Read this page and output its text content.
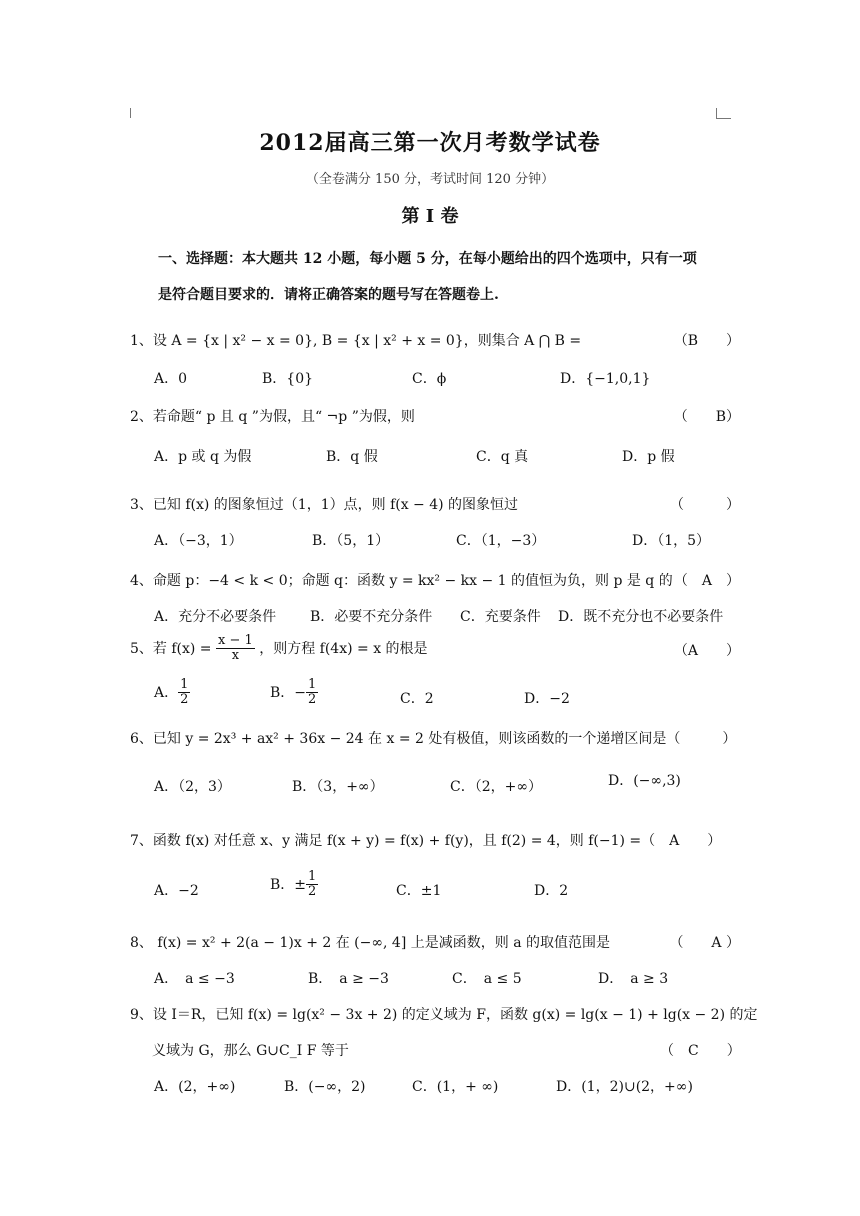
2012届高三第一次月考数学试卷
（全卷满分 150 分，考试时间 120 分钟）
第 I 卷
一、选择题：本大题共 12 小题，每小题 5 分，在每小题给出的四个选项中，只有一项
是符合题目要求的．请将正确答案的题号写在答题卷上.
1、设 A = {x | x² − x = 0}, B = {x | x² + x = 0}，则集合 A ⋂ B =	（B　　）
A．0	B．{0}	C．ϕ	D．{−1,0,1}
2、若命题“ p 且 q ”为假，且“ ¬p ”为假，则	（　　B）
A．p 或 q 为假	B．q 假	C．q 真	D．p 假
3、已知 f(x) 的图象恒过（1，1）点，则 f(x − 4) 的图象恒过	（　　　）
A．（−3，1）	B．（5，1）	C．（1，−3）	D．（1，5）
4、命题 p：−4 < k < 0；命题 q：函数 y = kx² − kx − 1 的值恒为负，则 p 是 q 的 （　A　）
A．充分不必要条件 B．必要不充分条件 C．充要条件 D．既不充分也不必要条件
5、若 $f(x) = \frac{x - 1}{x}$ ，则方程 f(4x) = x 的根是	（A　　）
A． $\frac{1}{2}$	B．− $\frac{1}{2}$	C．2	D．−2
6、已知 y = 2x³ + ax² + 36x − 24 在 x = 2 处有极值，则该函数的一个递增区间是（　　　）
A．（2，3）	B．（3，+∞）	C．（2，+∞）	D．(−∞,3)
7、函数 f(x) 对任意 x、y 满足 f(x + y) = f(x) + f(y)，且 f(2) = 4，则 f(−1) =（　A　　）
A．−2	B．± $\frac{1}{2}$	C．±1	D．2
8、 f(x) = x² + 2(a − 1)x + 2 在 (−∞, 4] 上是减函数，则 a 的取值范围是	（　　A ）
A．　a ≤ −3	B．　a ≥ −3	C．　a ≤ 5	D．　a ≥ 3
9、设 I＝R，已知 f(x) = lg(x² − 3x + 2) 的定义域为 F，函数 g(x) = lg(x − 1) + lg(x − 2) 的定
义域为 G，那么 G∪C_I F 等于	（　C　　）
A．(2，+∞)	B．(−∞，2)	C．(1，+ ∞)	D．(1，2)∪(2，+∞)
